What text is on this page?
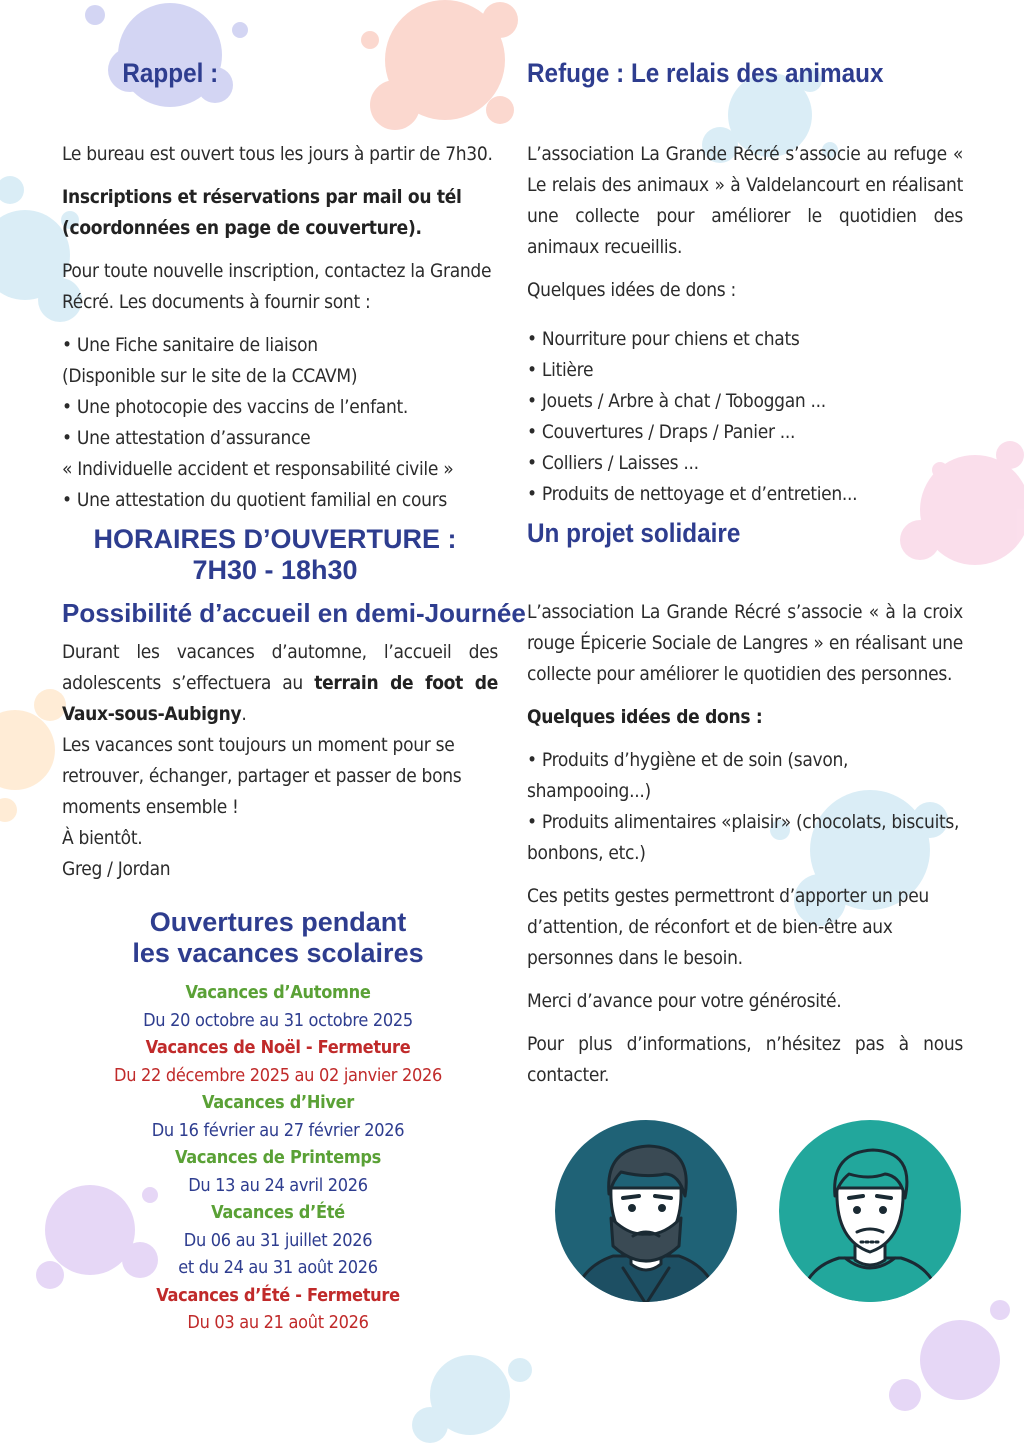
Rappel :

Le bureau est ouvert tous les jours à partir de 7h30.

Inscriptions et réservations par mail ou tél (coordonnées en page de couverture).

Pour toute nouvelle inscription, contactez la Grande Récré. Les documents à fournir sont :

• Une Fiche sanitaire de liaison
(Disponible sur le site de la CCAVM)
• Une photocopie des vaccins de l’enfant.
• Une attestation d’assurance
« Individuelle accident et responsabilité civile »
• Une attestation du quotient familial en cours
HORAIRES D’OUVERTURE :
7H30 - 18h30
Possibilité d’accueil en demi-Journée

Durant les vacances d’automne, l’accueil des adolescents s’effectuera au terrain de foot de Vaux-sous-Aubigny.

Les vacances sont toujours un moment pour se retrouver, échanger, partager et passer de bons moments ensemble !

À bientôt.

Greg / Jordan

Ouvertures pendant
les vacances scolaires
Vacances d’Automne
Du 20 octobre au 31 octobre 2025
Vacances de Noël - Fermeture
Du 22 décembre 2025 au 02 janvier 2026
Vacances d’Hiver
Du 16 février au 27 février 2026
Vacances de Printemps
Du 13 au 24 avril 2026
Vacances d’Été
Du 06 au 31 juillet 2026
et du 24 au 31 août 2026
Vacances d’Été - Fermeture
Du 03 au 21 août 2026
Refuge : Le relais des animaux

L’association La Grande Récré s’associe au refuge « Le relais des animaux » à Valdelancourt en réalisant une collecte pour améliorer le quotidien des animaux recueillis.

Quelques idées de dons :

• Nourriture pour chiens et chats
• Litière
• Jouets / Arbre à chat / Toboggan ...
• Couvertures / Draps / Panier ...
• Colliers / Laisses ...
• Produits de nettoyage et d’entretien...
Un projet solidaire

L’association La Grande Récré s’associe « à la croix rouge Épicerie Sociale de Langres » en réalisant une collecte pour améliorer le quotidien des personnes.

Quelques idées de dons :

• Produits d’hygiène et de soin (savon, shampooing...)
• Produits alimentaires «plaisir» (chocolats, biscuits, bonbons, etc.)

Ces petits gestes permettront d’apporter un peu d’attention, de réconfort et de bien-être aux personnes dans le besoin.

Merci d’avance pour votre générosité.

Pour plus d’informations, n’hésitez pas à nous contacter.
